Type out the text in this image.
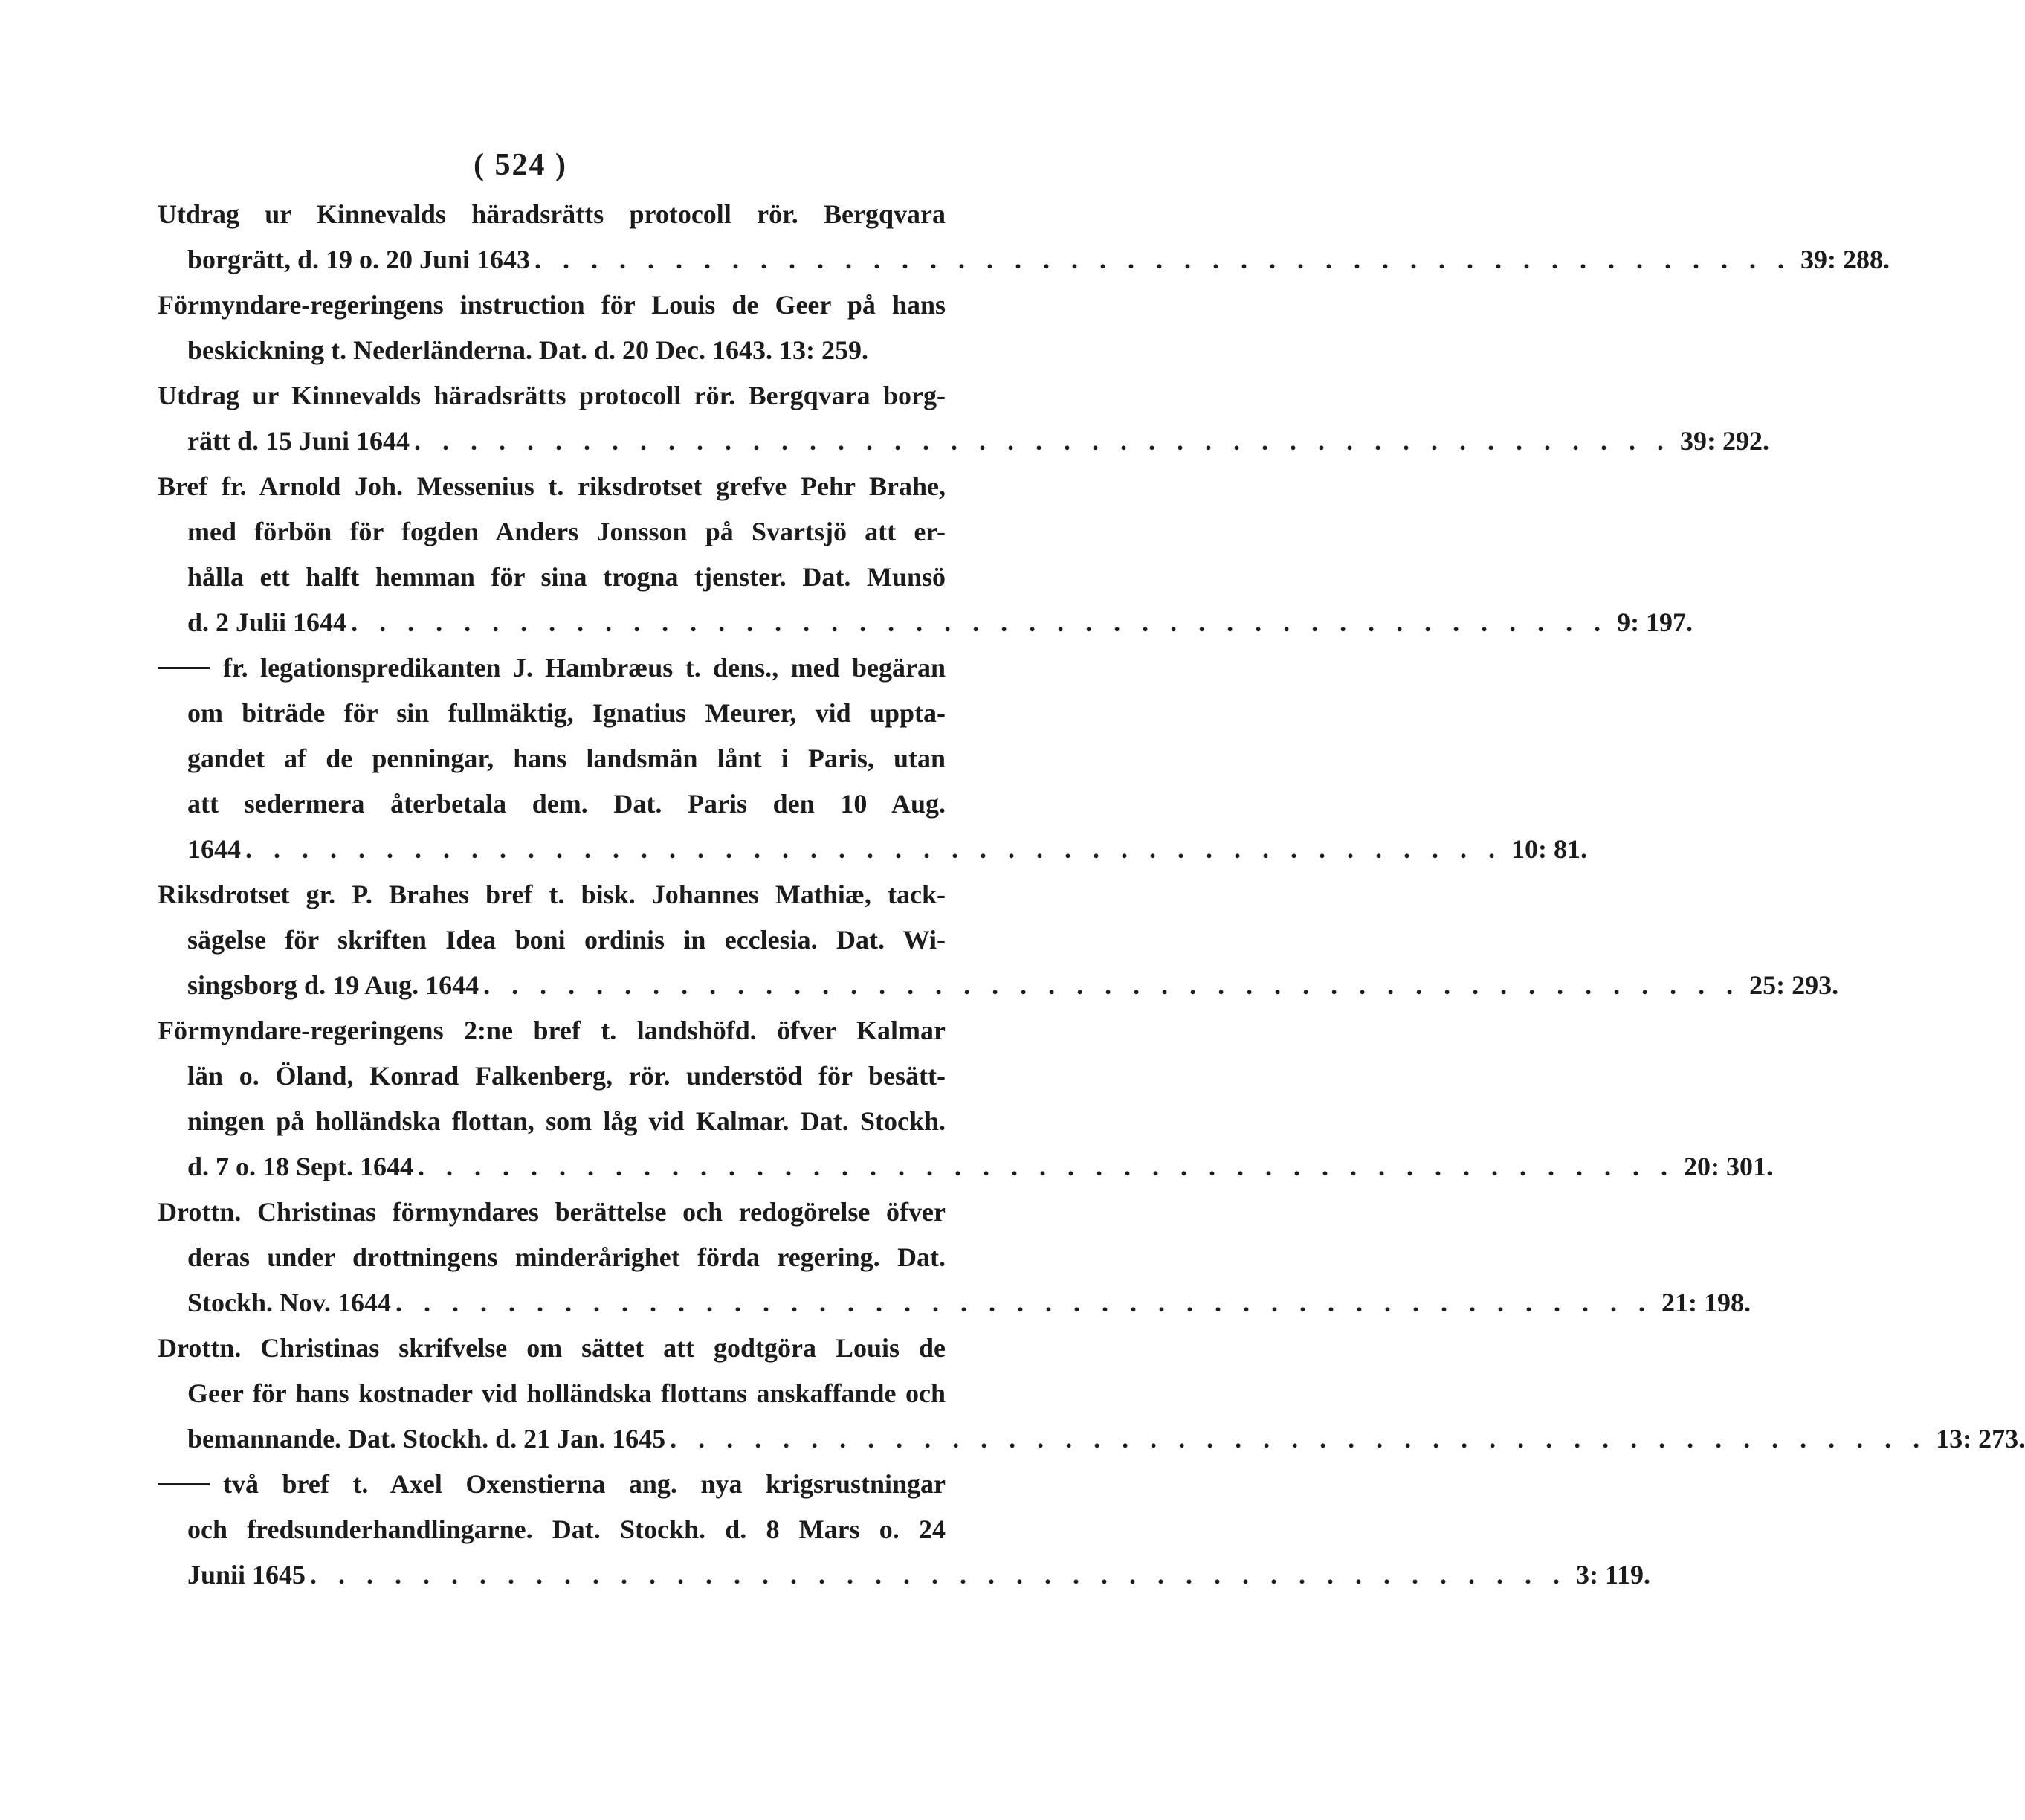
( 524 )
Utdrag ur Kinnevalds häradsrätts protocoll rör. Bergqvara
borgrätt, d. 19 o. 20 Juni 1643 . . . . . . . . . . . . . . . . . . . . . . . . . . . . . . . . . . . . . . . . . . . . . 39: 288.
Förmyndare-regeringens instruction för Louis de Geer på hans
beskickning t. Nederländerna. Dat. d. 20 Dec. 1643. 13: 259.
Utdrag ur Kinnevalds häradsrätts protocoll rör. Bergqvara borg-
rätt d. 15 Juni 1644 . . . . . . . . . . . . . . . . . . . . . . . . . . . . . . . . . . . . . . . . . . . . . 39: 292.
Bref fr. Arnold Joh. Messenius t. riksdrotset grefve Pehr Brahe,
med förbön för fogden Anders Jonsson på Svartsjö att er-
hålla ett halft hemman för sina trogna tjenster. Dat. Munsö
d. 2 Julii 1644 . . . . . . . . . . . . . . . . . . . . . . . . . . . . . . . . . . . . . . . . . . . . . 9: 197.
fr. legationspredikanten J. Hambræus t. dens., med begäran
om biträde för sin fullmäktig, Ignatius Meurer, vid uppta-
gandet af de penningar, hans landsmän lånt i Paris, utan
att sedermera återbetala dem. Dat. Paris den 10 Aug.
1644 . . . . . . . . . . . . . . . . . . . . . . . . . . . . . . . . . . . . . . . . . . . . . 10: 81.
Riksdrotset gr. P. Brahes bref t. bisk. Johannes Mathiæ, tack-
sägelse för skriften Idea boni ordinis in ecclesia. Dat. Wi-
singsborg d. 19 Aug. 1644 . . . . . . . . . . . . . . . . . . . . . . . . . . . . . . . . . . . . . . . . . . . . . 25: 293.
Förmyndare-regeringens 2:ne bref t. landshöfd. öfver Kalmar
län o. Öland, Konrad Falkenberg, rör. understöd för besätt-
ningen på holländska flottan, som låg vid Kalmar. Dat. Stockh.
d. 7 o. 18 Sept. 1644 . . . . . . . . . . . . . . . . . . . . . . . . . . . . . . . . . . . . . . . . . . . . . 20: 301.
Drottn. Christinas förmyndares berättelse och redogörelse öfver
deras under drottningens minderårighet förda regering. Dat.
Stockh. Nov. 1644 . . . . . . . . . . . . . . . . . . . . . . . . . . . . . . . . . . . . . . . . . . . . . 21: 198.
Drottn. Christinas skrifvelse om sättet att godtgöra Louis de
Geer för hans kostnader vid holländska flottans anskaffande och
bemannande. Dat. Stockh. d. 21 Jan. 1645 . . . . . . . . . . . . . . . . . . . . . . . . . . . . . . . . . . . . . . . . . . . . . 13: 273.
två bref t. Axel Oxenstierna ang. nya krigsrustningar
och fredsunderhandlingarne. Dat. Stockh. d. 8 Mars o. 24
Junii 1645 . . . . . . . . . . . . . . . . . . . . . . . . . . . . . . . . . . . . . . . . . . . . . 3: 119.
